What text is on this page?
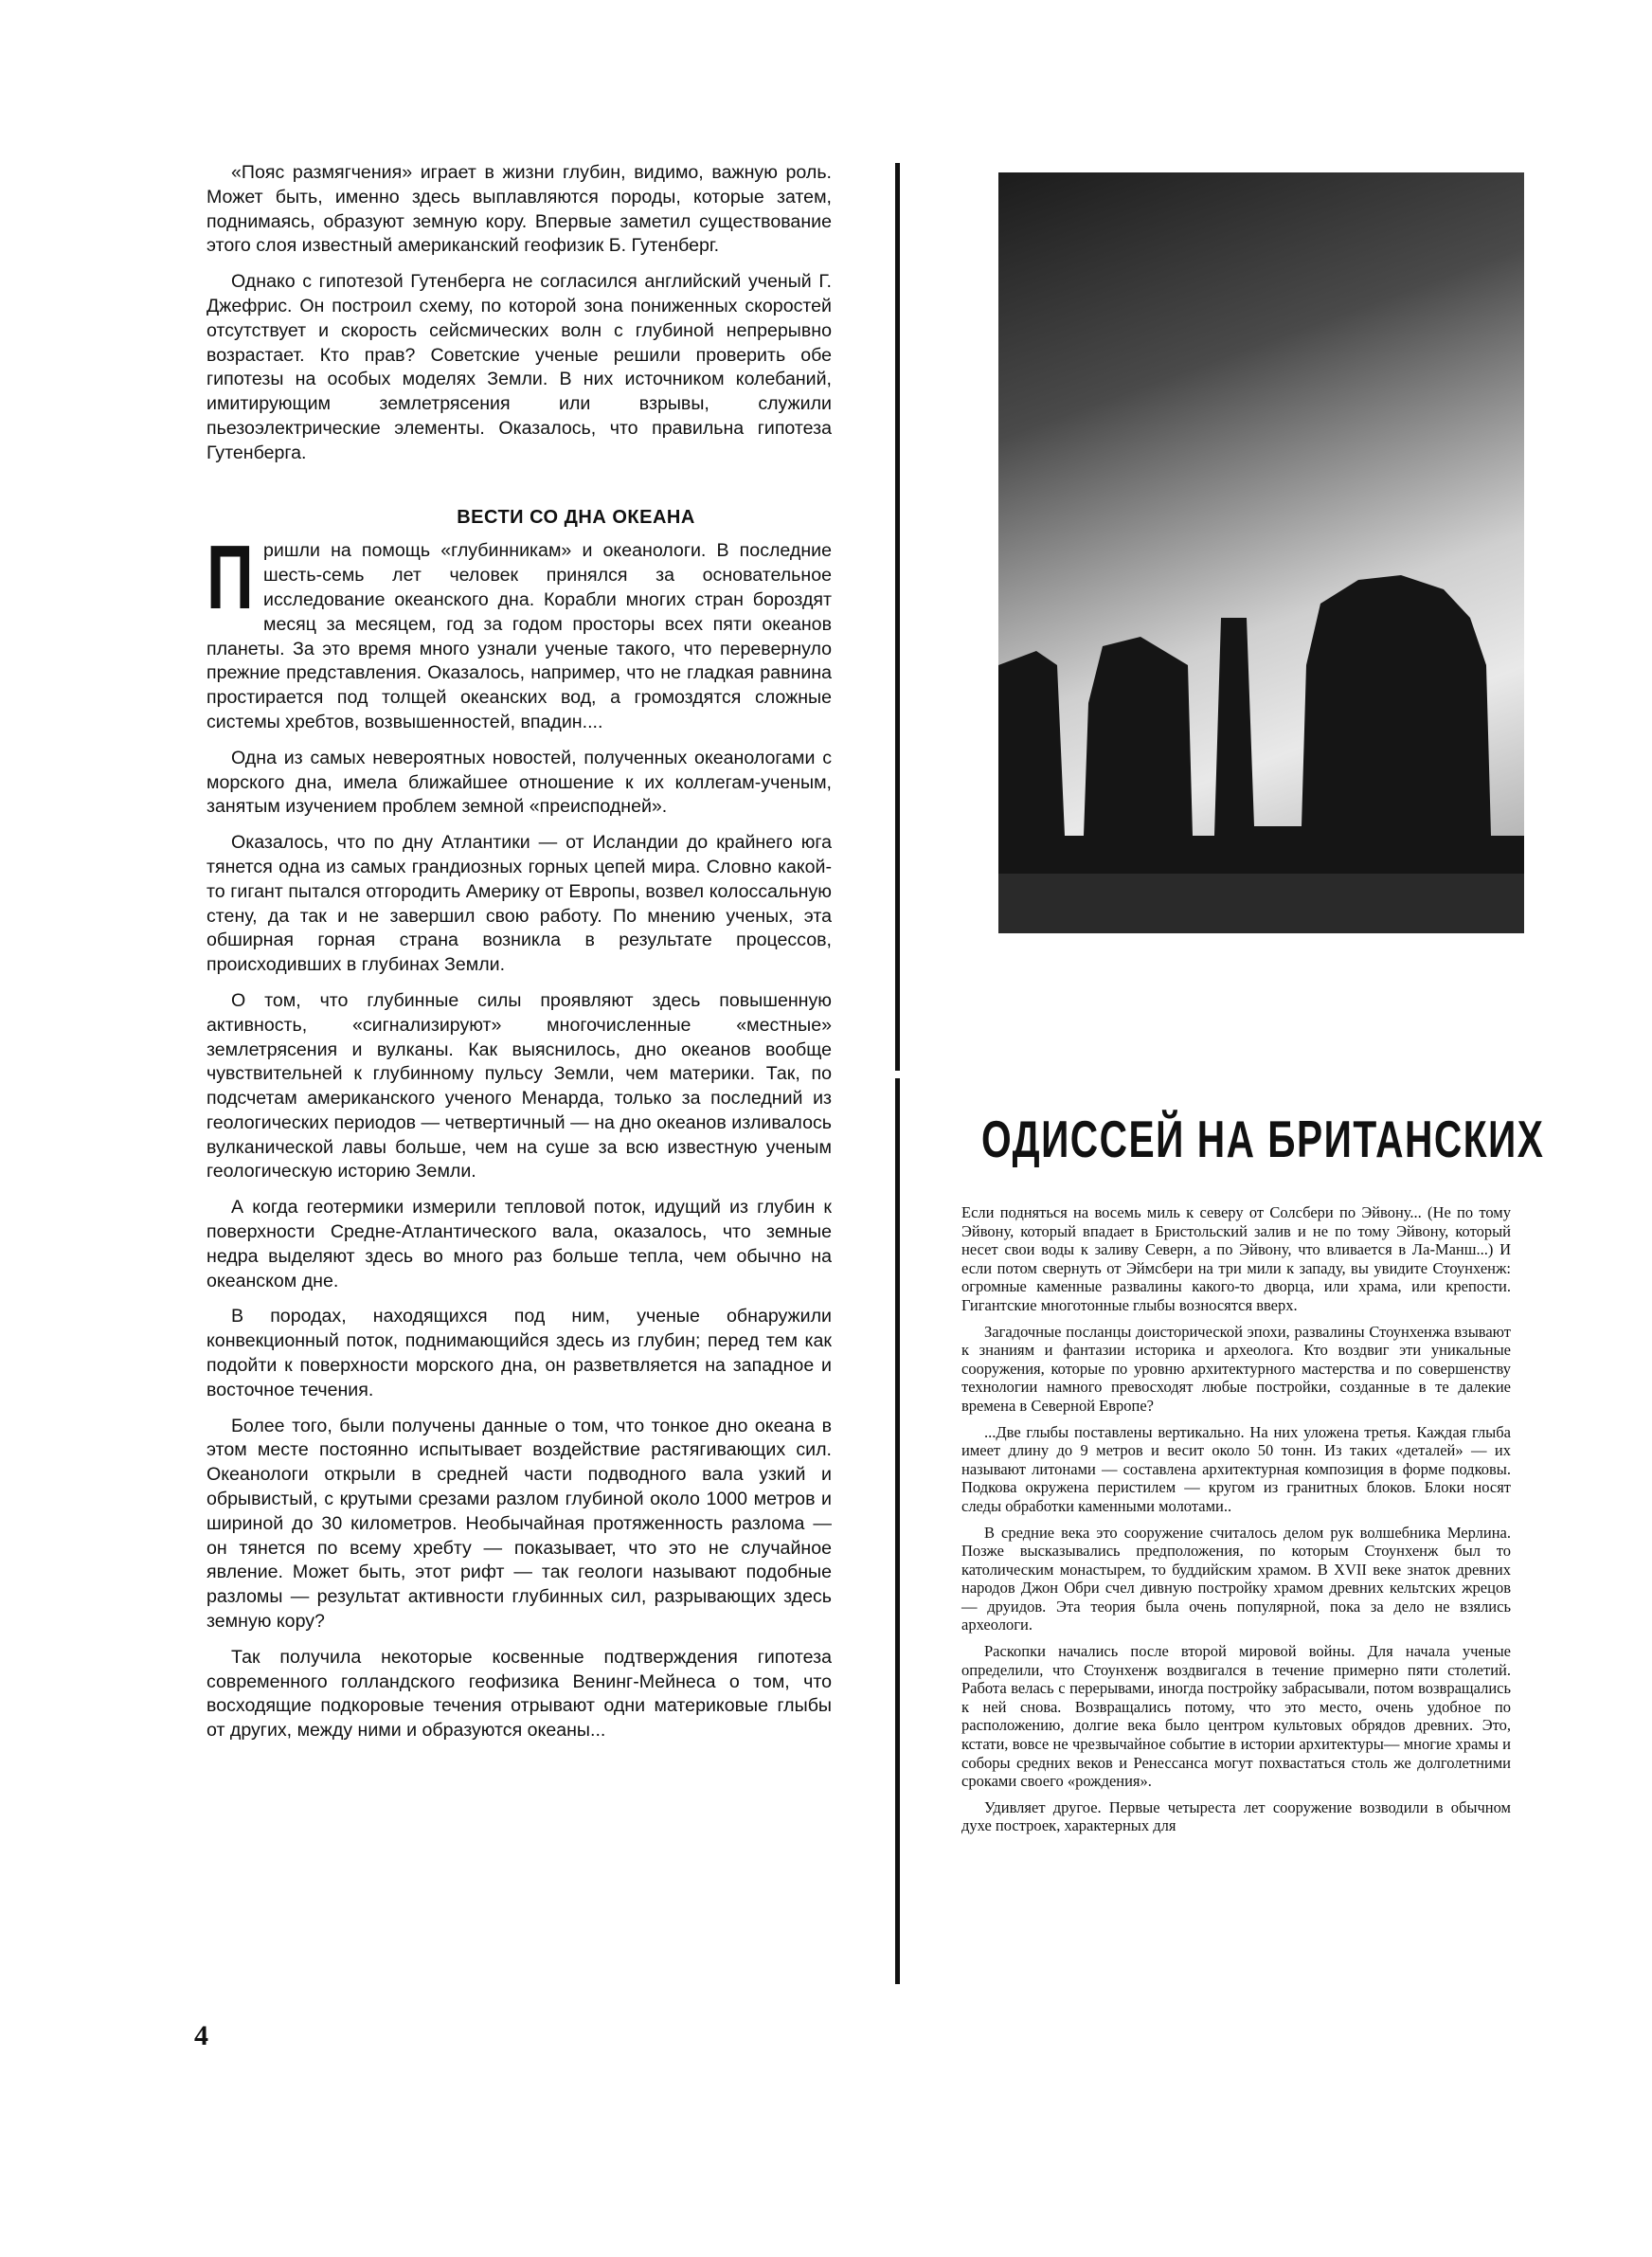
«Пояс размягчения» играет в жизни глубин, видимо, важную роль. Может быть, именно здесь выплавляются породы, которые затем, поднимаясь, образуют земную кору. Впервые заметил существование этого слоя известный американский геофизик Б. Гутенберг.

Однако с гипотезой Гутенберга не согласился английский ученый Г. Джефрис. Он построил схему, по которой зона пониженных скоростей отсутствует и скорость сейсмических волн с глубиной непрерывно возрастает. Кто прав? Советские ученые решили проверить обе гипотезы на особых моделях Земли. В них источником колебаний, имитирующим землетрясения или взрывы, служили пьезоэлектрические элементы. Оказалось, что правильна гипотеза Гутенберга.

ВЕСТИ СО ДНА ОКЕАНА

Пришли на помощь «глубинникам» и океанологи. В последние шесть-семь лет человек принялся за основательное исследование океанского дна. Корабли многих стран бороздят месяц за месяцем, год за годом просторы всех пяти океанов планеты. За это время много узнали ученые такого, что перевернуло прежние представления. Оказалось, например, что не гладкая равнина простирается под толщей океанских вод, а громоздятся сложные системы хребтов, возвышенностей, впадин....

Одна из самых невероятных новостей, полученных океанологами с морского дна, имела ближайшее отношение к их коллегам-ученым, занятым изучением проблем земной «преисподней».

Оказалось, что по дну Атлантики — от Исландии до крайнего юга тянется одна из самых грандиозных горных цепей мира. Словно какой-то гигант пытался отгородить Америку от Европы, возвел колоссальную стену, да так и не завершил свою работу. По мнению ученых, эта обширная горная страна возникла в результате процессов, происходивших в глубинах Земли.

О том, что глубинные силы проявляют здесь повышенную активность, «сигнализируют» многочисленные «местные» землетрясения и вулканы. Как выяснилось, дно океанов вообще чувствительней к глубинному пульсу Земли, чем материки. Так, по подсчетам американского ученого Менарда, только за последний из геологических периодов — четвертичный — на дно океанов изливалось вулканической лавы больше, чем на суше за всю известную ученым геологическую историю Земли.

А когда геотермики измерили тепловой поток, идущий из глубин к поверхности Средне-Атлантического вала, оказалось, что земные недра выделяют здесь во много раз больше тепла, чем обычно на океанском дне.

В породах, находящихся под ним, ученые обнаружили конвекционный поток, поднимающийся здесь из глубин; перед тем как подойти к поверхности морского дна, он разветвляется на западное и восточное течения.

Более того, были получены данные о том, что тонкое дно океана в этом месте постоянно испытывает воздействие растягивающих сил. Океанологи открыли в средней части подводного вала узкий и обрывистый, с крутыми срезами разлом глубиной около 1000 метров и шириной до 30 километров. Необычайная протяженность разлома — он тянется по всему хребту — показывает, что это не случайное явление. Может быть, этот рифт — так геологи называют подобные разломы — результат активности глубинных сил, разрывающих здесь земную кору?

Так получила некоторые косвенные подтверждения гипотеза современного голландского геофизика Венинг-Мейнеса о том, что восходящие подкоровые течения отрывают одни материковые глыбы от других, между ними и образуются океаны...

ОДИССЕЙ НА БРИТАНСКИХ

Если подняться на восемь миль к северу от Солсбери по Эйвону... (Не по тому Эйвону, который впадает в Бристольский залив и не по тому Эйвону, который несет свои воды к заливу Северн, а по Эйвону, что вливается в Ла-Манш...) И если потом свернуть от Эймсбери на три мили к западу, вы увидите Стоунхенж: огромные каменные развалины какого-то дворца, или храма, или крепости. Гигантские многотонные глыбы возносятся вверх.

Загадочные посланцы доисторической эпохи, развалины Стоунхенжа взывают к знаниям и фантазии историка и археолога. Кто воздвиг эти уникальные сооружения, которые по уровню архитектурного мастерства и по совершенству технологии намного превосходят любые постройки, созданные в те далекие времена в Северной Европе?

...Две глыбы поставлены вертикально. На них уложена третья. Каждая глыба имеет длину до 9 метров и весит около 50 тонн. Из таких «деталей» — их называют литонами — составлена архитектурная композиция в форме подковы. Подкова окружена перистилем — кругом из гранитных блоков. Блоки носят следы обработки каменными молотами..

В средние века это сооружение считалось делом рук волшебника Мерлина. Позже высказывались предположения, по которым Стоунхенж был то католическим монастырем, то буддийским храмом. В XVII веке знаток древних народов Джон Обри счел дивную постройку храмом древних кельтских жрецов — друидов. Эта теория была очень популярной, пока за дело не взялись археологи.

Раскопки начались после второй мировой войны. Для начала ученые определили, что Стоунхенж воздвигался в течение примерно пяти столетий. Работа велась с перерывами, иногда постройку забрасывали, потом возвращались к ней снова. Возвращались потому, что это место, очень удобное по расположению, долгие века было центром культовых обрядов древних. Это, кстати, вовсе не чрезвычайное событие в истории архитектуры— многие храмы и соборы средних веков и Ренессанса могут похвастаться столь же долголетними сроками своего «рождения».

Удивляет другое. Первые четыреста лет сооружение возводили в обычном духе построек, характерных для

4
